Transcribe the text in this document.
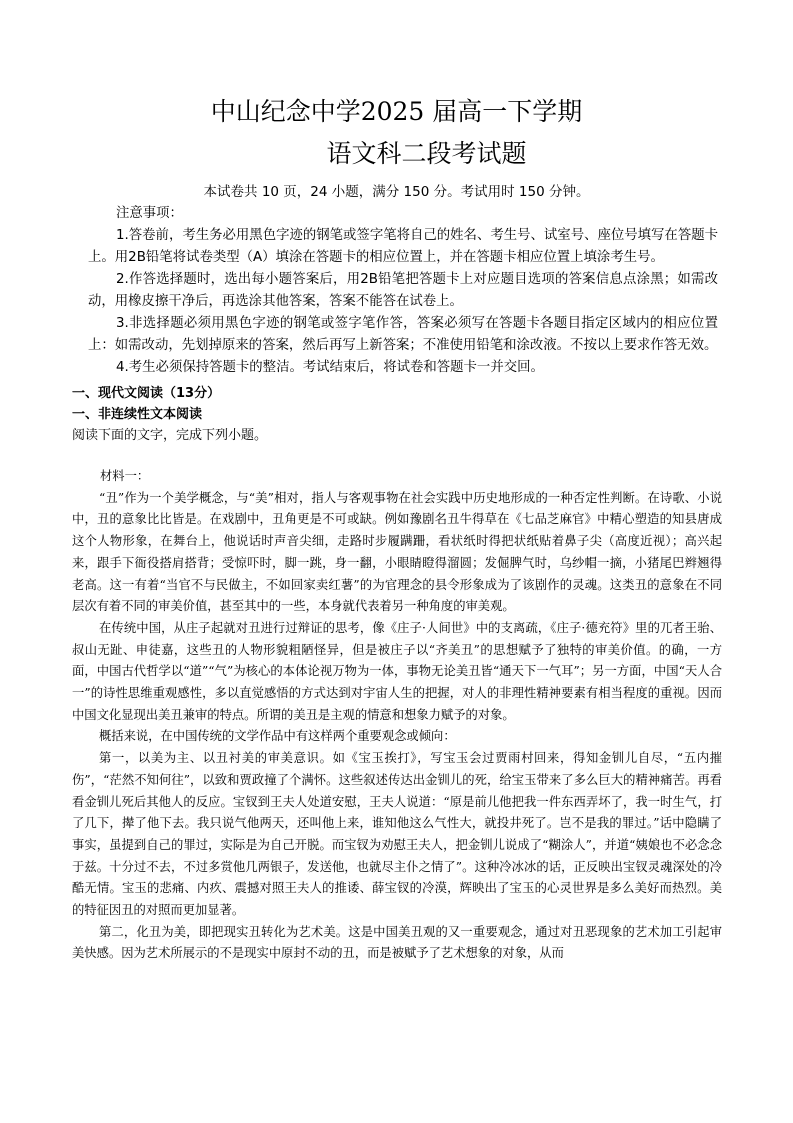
中山纪念中学2025 届高一下学期
语文科二段考试题
本试卷共 10 页，24 小题，满分 150 分。考试用时 150 分钟。

注意事项：

1.答卷前，考生务必用黑色字迹的钢笔或签字笔将自己的姓名、考生号、试室号、座位号填写在答题卡上。用2B铅笔将试卷类型（A）填涂在答题卡的相应位置上，并在答题卡相应位置上填涂考生号。

2.作答选择题时，选出每小题答案后，用2B铅笔把答题卡上对应题目选项的答案信息点涂黑；如需改动，用橡皮擦干净后，再选涂其他答案，答案不能答在试卷上。

3.非选择题必须用黑色字迹的钢笔或签字笔作答，答案必须写在答题卡各题目指定区域内的相应位置上：如需改动，先划掉原来的答案，然后再写上新答案；不准使用铅笔和涂改液。不按以上要求作答无效。

4.考生必须保持答题卡的整洁。考试结束后，将试卷和答题卡一并交回。

一、现代文阅读（13分）

一、非连续性文本阅读

阅读下面的文字，完成下列小题。

材料一：

“丑”作为一个美学概念，与“美”相对，指人与客观事物在社会实践中历史地形成的一种否定性判断。在诗歌、小说中，丑的意象比比皆是。在戏剧中，丑角更是不可或缺。例如豫剧名丑牛得草在《七品芝麻官》中精心塑造的知县唐成这个人物形象，在舞台上，他说话时声音尖细，走路时步履蹒跚，看状纸时得把状纸贴着鼻子尖（高度近视）；高兴起来，跟手下衙役搭肩搭背；受惊吓时，脚一跳，身一翻，小眼睛瞪得溜圆；发倔脾气时，乌纱帽一摘，小猪尾巴辫翘得老高。这一有着“当官不与民做主，不如回家卖红薯”的为官理念的县令形象成为了该剧作的灵魂。这类丑的意象在不同层次有着不同的审美价值，甚至其中的一些，本身就代表着另一种角度的审美观。

在传统中国，从庄子起就对丑进行过辩证的思考，像《庄子·人间世》中的支离疏，《庄子·德充符》里的兀者王骀、叔山无趾、申徒嘉，这些丑的人物形貌粗陋怪异，但是被庄子以“齐美丑”的思想赋予了独特的审美价值。的确，一方面，中国古代哲学以“道”“气”为核心的本体论视万物为一体，事物无论美丑皆“通天下一气耳”；另一方面，中国“天人合一”的诗性思维重观感性，多以直觉感悟的方式达到对宇宙人生的把握，对人的非理性精神要素有相当程度的重视。因而中国文化显现出美丑兼审的特点。所谓的美丑是主观的情意和想象力赋予的对象。

概括来说，在中国传统的文学作品中有这样两个重要观念或倾向：

第一，以美为主、以丑衬美的审美意识。如《宝玉挨打》，写宝玉会过贾雨村回来，得知金钏儿自尽，“五内摧伤”，“茫然不知何往”，以致和贾政撞了个满怀。这些叙述传达出金钏儿的死，给宝玉带来了多么巨大的精神痛苦。再看看金钏儿死后其他人的反应。宝钗到王夫人处道安慰，王夫人说道：“原是前儿他把我一件东西弄坏了，我一时生气，打了几下，撵了他下去。我只说气他两天，还叫他上来，谁知他这么气性大，就投井死了。岂不是我的罪过。”话中隐瞒了事实，虽提到自己的罪过，实际是为自己开脱。而宝钗为劝慰王夫人，把金钏儿说成了“糊涂人”，并道“姨娘也不必念念于兹。十分过不去，不过多赏他几两银子，发送他，也就尽主仆之情了”。这种冷冰冰的话，正反映出宝钗灵魂深处的冷酷无情。宝玉的悲痛、内疚、震撼对照王夫人的推诿、薛宝钗的冷漠，辉映出了宝玉的心灵世界是多么美好而热烈。美的特征因丑的对照而更加显著。

第二，化丑为美，即把现实丑转化为艺术美。这是中国美丑观的又一重要观念，通过对丑恶现象的艺术加工引起审美快感。因为艺术所展示的不是现实中原封不动的丑，而是被赋予了艺术想象的对象，从而
